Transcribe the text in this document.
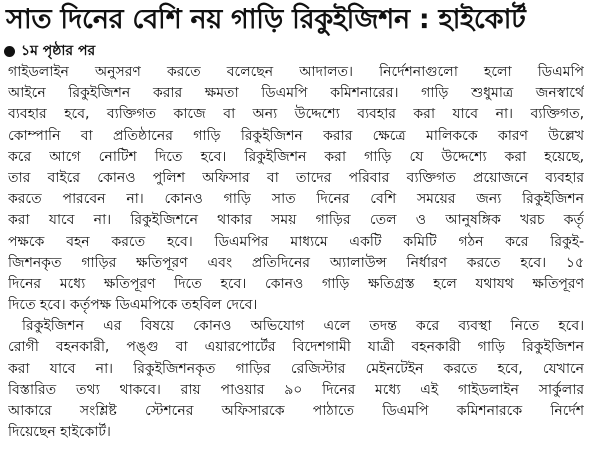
সাত দিনের বেশি নয় গাড়ি রিকুইজিশন : হাইকোর্ট
১ম পৃষ্ঠার পর
গাইডলাইন অনুসরণ করতে বলেছেন আদালত। নির্দেশনাগুলো হলো ডিএমপি
আইনে রিকুইজিশন করার ক্ষমতা ডিএমপি কমিশনারের। গাড়ি শুধুমাত্র জনস্বার্থে
ব্যবহার হবে, ব্যক্তিগত কাজে বা অন্য উদ্দেশ্যে ব্যবহার করা যাবে না। ব্যক্তিগত,
কোম্পানি বা প্রতিষ্ঠানের গাড়ি রিকুইজিশন করার ক্ষেত্রে মালিককে কারণ উল্লেখ
করে আগে নোটিশ দিতে হবে। রিকুইজিশন করা গাড়ি যে উদ্দেশ্যে করা হয়েছে,
তার বাইরে কোনও পুলিশ অফিসার বা তাদের পরিবার ব্যক্তিগত প্রয়োজনে ব্যবহার
করতে পারবেন না। কোনও গাড়ি সাত দিনের বেশি সময়ের জন্য রিকুইজিশন
করা যাবে না। রিকুইজিশনে থাকার সময় গাড়ির তেল ও আনুষঙ্গিক খরচ কর্তৃ
পক্ষকে বহন করতে হবে। ডিএমপির মাধ্যমে একটি কমিটি গঠন করে রিকুই-
জিশনকৃত গাড়ির ক্ষতিপূরণ এবং প্রতিদিনের অ্যালাউন্স নির্ধারণ করতে হবে। ১৫
দিনের মধ্যে ক্ষতিপূরণ দিতে হবে। কোনও গাড়ি ক্ষতিগ্রস্ত হলে যথাযথ ক্ষতিপূরণ
দিতে হবে। কর্তৃপক্ষ ডিএমপিকে তহবিল দেবে।
রিকুইজিশন এর বিষয়ে কোনও অভিযোগ এলে তদন্ত করে ব্যবস্থা নিতে হবে।
রোগী বহনকারী, পঙ্গু বা এয়ারপোর্টের বিদেশগামী যাত্রী বহনকারী গাড়ি রিকুইজিশন
করা যাবে না। রিকুইজিশনকৃত গাড়ির রেজিস্টার মেইনটেইন করতে হবে, যেখানে
বিস্তারিত তথ্য থাকবে। রায় পাওয়ার ৯০ দিনের মধ্যে এই গাইডলাইন সার্কুলার
আকারে সংশ্লিষ্ট স্টেশনের অফিসারকে পাঠাতে ডিএমপি কমিশনারকে নির্দেশ
দিয়েছেন হাইকোর্ট।
